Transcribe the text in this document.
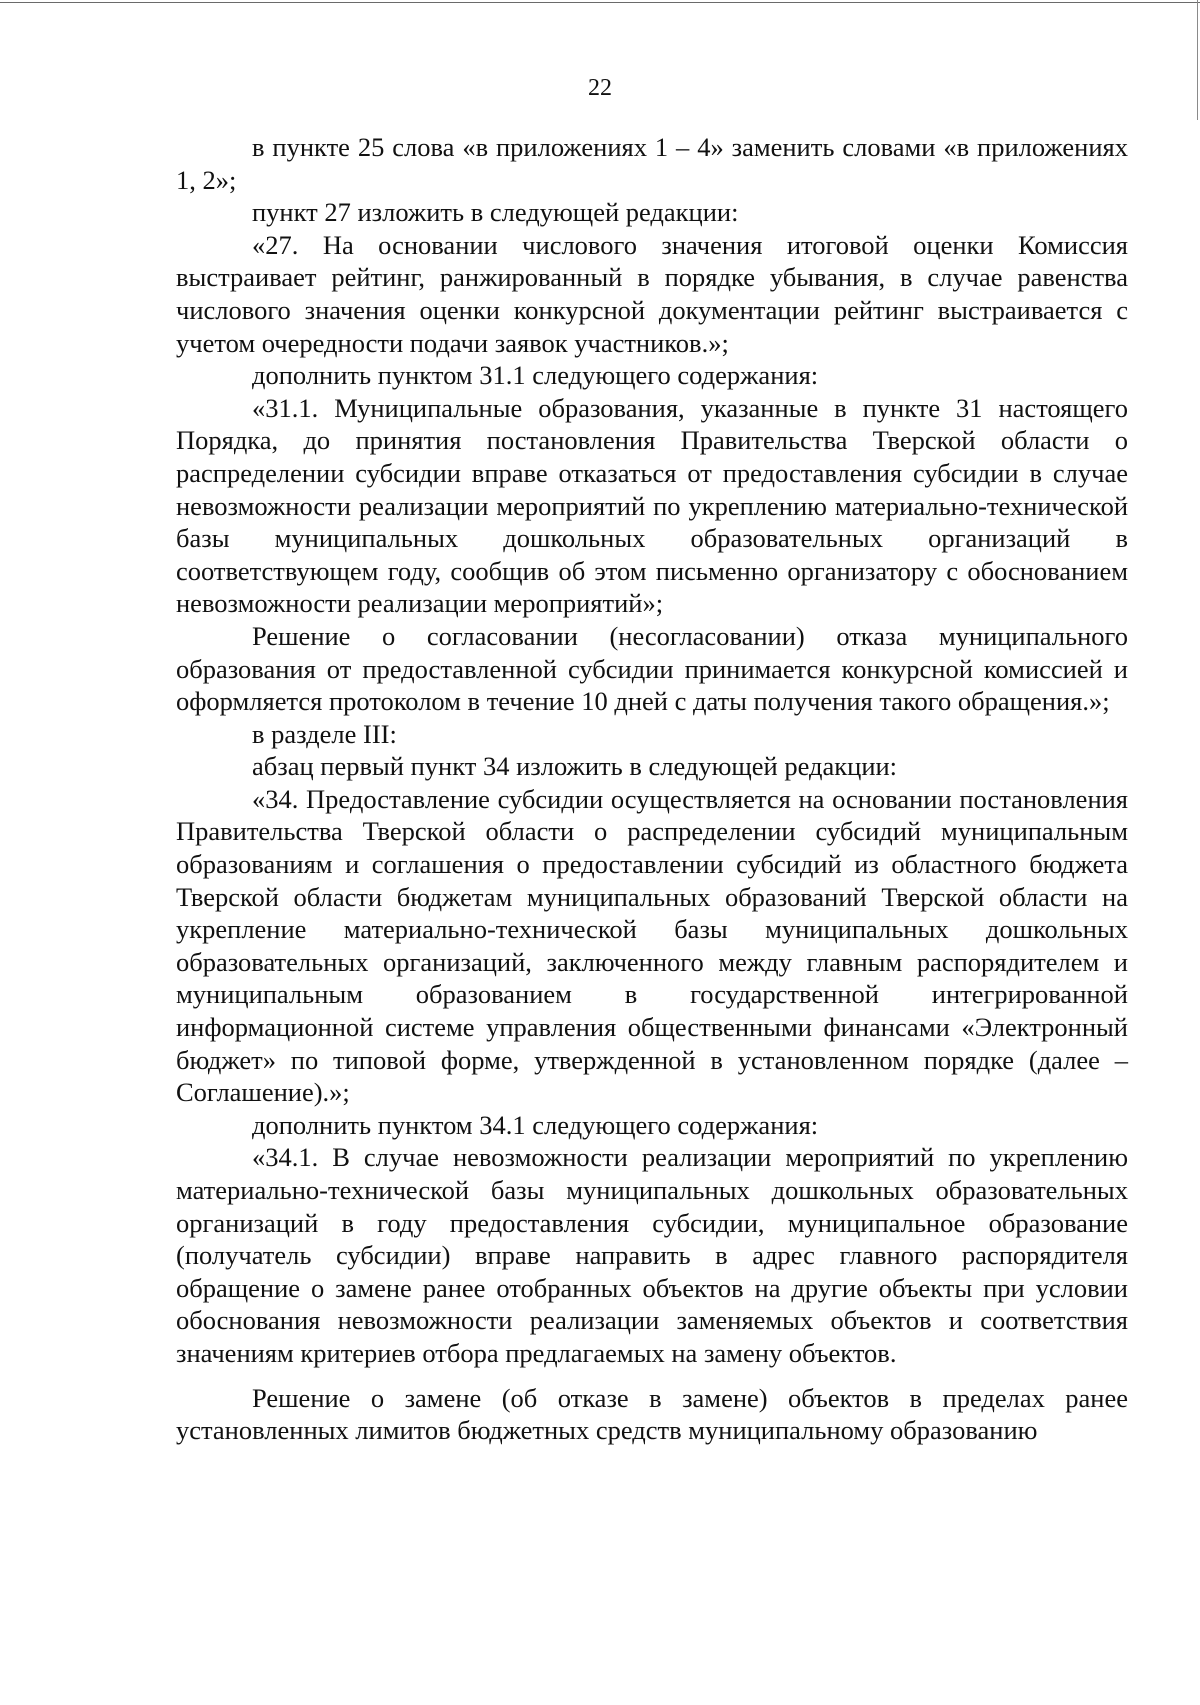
22

в пункте 25 слова «в приложениях 1 – 4» заменить словами «в приложениях 1, 2»;

пункт 27 изложить в следующей редакции:

«27. На основании числового значения итоговой оценки Комиссия выстраивает рейтинг, ранжированный в порядке убывания, в случае равенства числового значения оценки конкурсной документации рейтинг выстраивается с учетом очередности подачи заявок участников.»;

дополнить пунктом 31.1 следующего содержания:

«31.1. Муниципальные образования, указанные в пункте 31 настоящего Порядка, до принятия постановления Правительства Тверской области о распределении субсидии вправе отказаться от предоставления субсидии в случае невозможности реализации мероприятий по укреплению материально-технической базы муниципальных дошкольных образовательных организаций в соответствующем году, сообщив об этом письменно организатору с обоснованием невозможности реализации мероприятий»;

Решение о согласовании (несогласовании) отказа муниципального образования от предоставленной субсидии принимается конкурсной комиссией и оформляется протоколом в течение 10 дней с даты получения такого обращения.»;

в разделе III:

абзац первый пункт 34 изложить в следующей редакции:

«34. Предоставление субсидии осуществляется на основании постановления Правительства Тверской области о распределении субсидий муниципальным образованиям и соглашения о предоставлении субсидий из областного бюджета Тверской области бюджетам муниципальных образований Тверской области на укрепление материально-технической базы муниципальных дошкольных образовательных организаций, заключенного между главным распорядителем и муниципальным образованием в государственной интегрированной информационной системе управления общественными финансами «Электронный бюджет» по типовой форме, утвержденной в установленном порядке (далее – Соглашение).»;

дополнить пунктом 34.1 следующего содержания:

«34.1. В случае невозможности реализации мероприятий по укреплению материально-технической базы муниципальных дошкольных образовательных организаций в году предоставления субсидии, муниципальное образование (получатель субсидии) вправе направить в адрес главного распорядителя обращение о замене ранее отобранных объектов на другие объекты при условии обоснования невозможности реализации заменяемых объектов и соответствия значениям критериев отбора предлагаемых на замену объектов.

Решение о замене (об отказе в замене) объектов в пределах ранее установленных лимитов бюджетных средств муниципальному образованию
